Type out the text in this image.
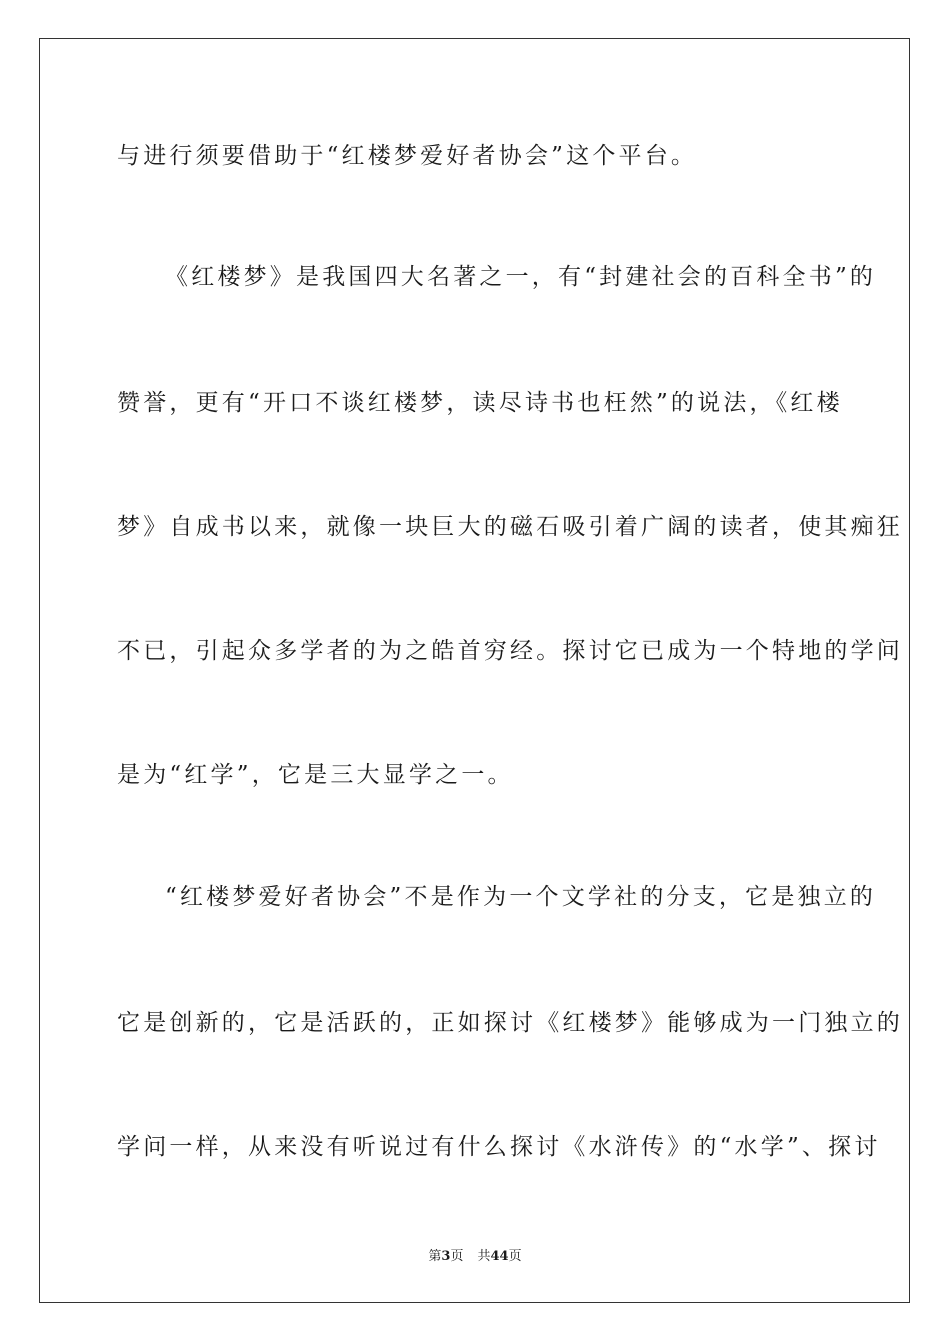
与进行须要借助于“红楼梦爱好者协会”这个平台。
《红楼梦》是我国四大名著之一，有“封建社会的百科全书”的
赞誉，更有“开口不谈红楼梦，读尽诗书也枉然”的说法，《红楼
梦》自成书以来，就像一块巨大的磁石吸引着广阔的读者，使其痴狂
不已，引起众多学者的为之皓首穷经。探讨它已成为一个特地的学问
是为“红学”，它是三大显学之一。
“红楼梦爱好者协会”不是作为一个文学社的分支，它是独立的
它是创新的，它是活跃的，正如探讨《红楼梦》能够成为一门独立的
学问一样，从来没有听说过有什么探讨《水浒传》的“水学”、探讨
第3页 共44页
